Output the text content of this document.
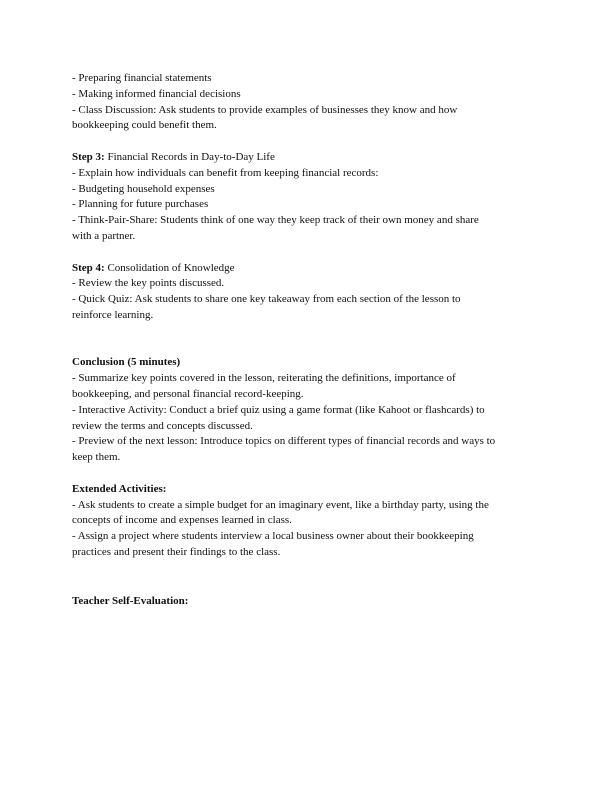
- Preparing financial statements

- Making informed financial decisions

- Class Discussion: Ask students to provide examples of businesses they know and how

bookkeeping could benefit them.

Step 3: Financial Records in Day-to-Day Life

- Explain how individuals can benefit from keeping financial records:

- Budgeting household expenses

- Planning for future purchases

- Think-Pair-Share: Students think of one way they keep track of their own money and share

with a partner.

Step 4: Consolidation of Knowledge

- Review the key points discussed.

- Quick Quiz: Ask students to share one key takeaway from each section of the lesson to

reinforce learning.

Conclusion (5 minutes)

- Summarize key points covered in the lesson, reiterating the definitions, importance of

bookkeeping, and personal financial record-keeping.

- Interactive Activity: Conduct a brief quiz using a game format (like Kahoot or flashcards) to

review the terms and concepts discussed.

- Preview of the next lesson: Introduce topics on different types of financial records and ways to

keep them.

Extended Activities:

- Ask students to create a simple budget for an imaginary event, like a birthday party, using the

concepts of income and expenses learned in class.

- Assign a project where students interview a local business owner about their bookkeeping

practices and present their findings to the class.

Teacher Self-Evaluation:
